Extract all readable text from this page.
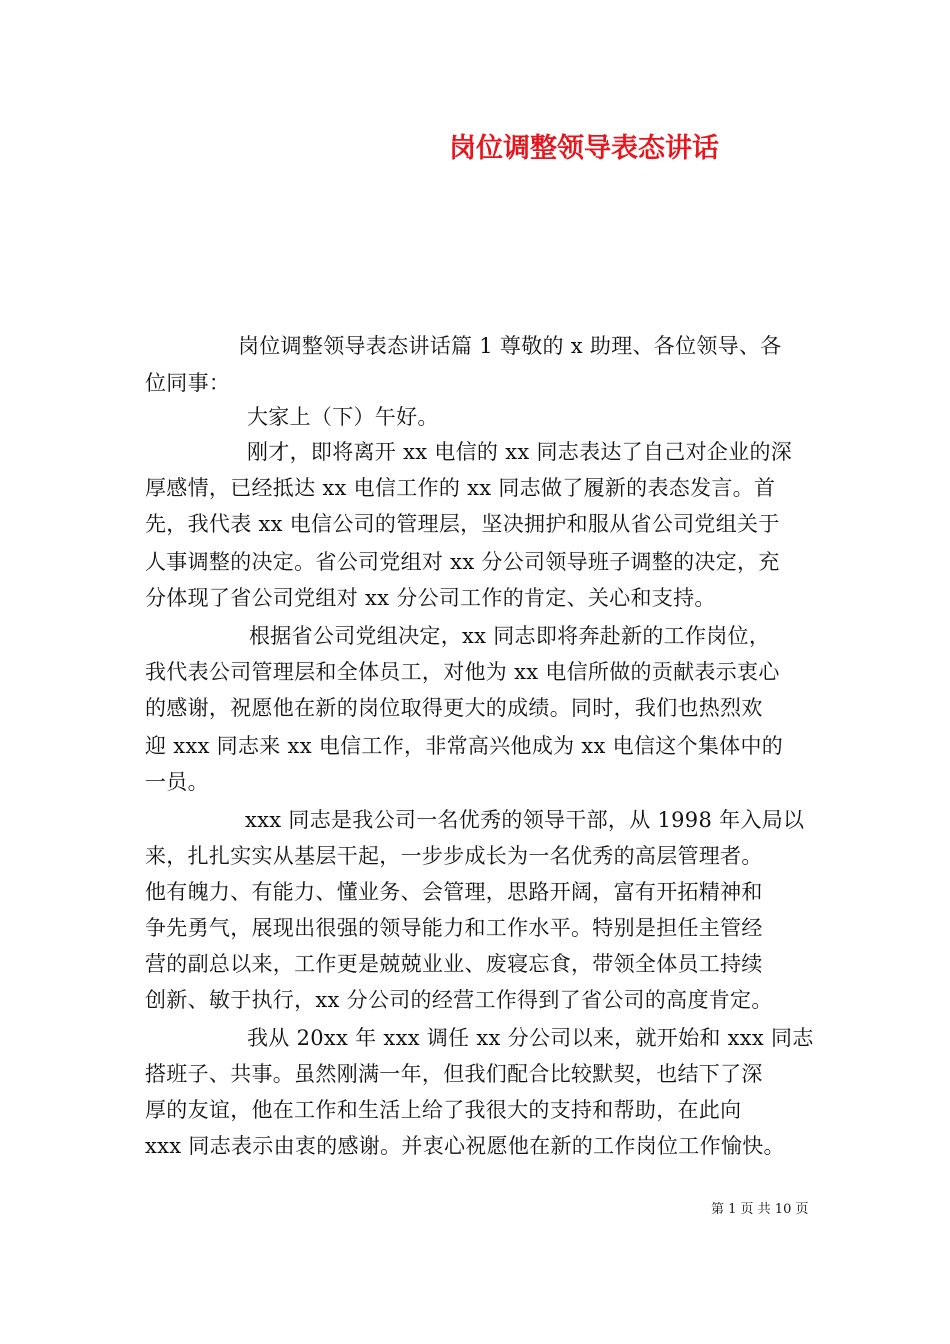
岗位调整领导表态讲话
岗位调整领导表态讲话篇 1 尊敬的 x 助理、各位领导、各
位同事：
大家上（下）午好。
刚才，即将离开 xx 电信的 xx 同志表达了自己对企业的深
厚感情，已经抵达 xx 电信工作的 xx 同志做了履新的表态发言。首
先，我代表 xx 电信公司的管理层，坚决拥护和服从省公司党组关于
人事调整的决定。省公司党组对 xx 分公司领导班子调整的决定，充
分体现了省公司党组对 xx 分公司工作的肯定、关心和支持。
根据省公司党组决定，xx 同志即将奔赴新的工作岗位，
我代表公司管理层和全体员工，对他为 xx 电信所做的贡献表示衷心
的感谢，祝愿他在新的岗位取得更大的成绩。同时，我们也热烈欢
迎 xxx 同志来 xx 电信工作，非常高兴他成为 xx 电信这个集体中的
一员。
xxx 同志是我公司一名优秀的领导干部，从 1998 年入局以
来，扎扎实实从基层干起，一步步成长为一名优秀的高层管理者。
他有魄力、有能力、懂业务、会管理，思路开阔，富有开拓精神和
争先勇气，展现出很强的领导能力和工作水平。特别是担任主管经
营的副总以来，工作更是兢兢业业、废寝忘食，带领全体员工持续
创新、敏于执行，xx 分公司的经营工作得到了省公司的高度肯定。
我从 20xx 年 xxx 调任 xx 分公司以来，就开始和 xxx 同志
搭班子、共事。虽然刚满一年，但我们配合比较默契，也结下了深
厚的友谊，他在工作和生活上给了我很大的支持和帮助，在此向
xxx 同志表示由衷的感谢。并衷心祝愿他在新的工作岗位工作愉快。
第 1 页 共 10 页
